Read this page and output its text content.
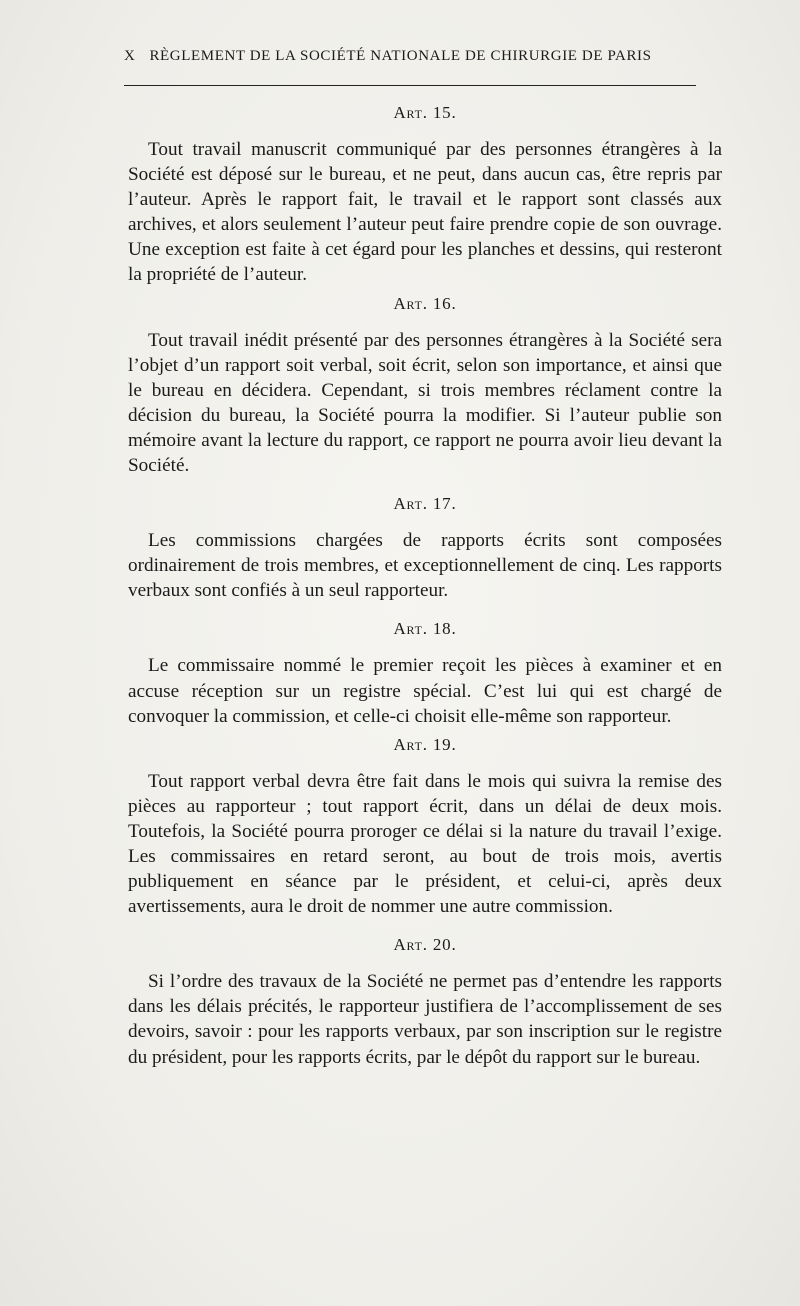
X RÈGLEMENT DE LA SOCIÉTÉ NATIONALE DE CHIRURGIE DE PARIS
Art. 15.

Tout travail manuscrit communiqué par des personnes étrangères à la Société est déposé sur le bureau, et ne peut, dans aucun cas, être repris par l’auteur. Après le rapport fait, le travail et le rapport sont classés aux archives, et alors seulement l’auteur peut faire prendre copie de son ouvrage. Une exception est faite à cet égard pour les planches et dessins, qui resteront la propriété de l’auteur.

Art. 16.

Tout travail inédit présenté par des personnes étrangères à la Société sera l’objet d’un rapport soit verbal, soit écrit, selon son importance, et ainsi que le bureau en décidera. Cependant, si trois membres réclament contre la décision du bureau, la Société pourra la modifier. Si l’auteur publie son mémoire avant la lecture du rapport, ce rapport ne pourra avoir lieu devant la Société.

Art. 17.

Les commissions chargées de rapports écrits sont composées ordinairement de trois membres, et exceptionnellement de cinq. Les rapports verbaux sont confiés à un seul rapporteur.

Art. 18.

Le commissaire nommé le premier reçoit les pièces à examiner et en accuse réception sur un registre spécial. C’est lui qui est chargé de convoquer la commission, et celle-ci choisit elle-même son rapporteur.

Art. 19.

Tout rapport verbal devra être fait dans le mois qui suivra la remise des pièces au rapporteur ; tout rapport écrit, dans un délai de deux mois. Toutefois, la Société pourra proroger ce délai si la nature du travail l’exige. Les commissaires en retard seront, au bout de trois mois, avertis publiquement en séance par le président, et celui-ci, après deux avertissements, aura le droit de nommer une autre commission.

Art. 20.

Si l’ordre des travaux de la Société ne permet pas d’entendre les rapports dans les délais précités, le rapporteur justifiera de l’accomplissement de ses devoirs, savoir : pour les rapports verbaux, par son inscription sur le registre du président, pour les rapports écrits, par le dépôt du rapport sur le bureau.
